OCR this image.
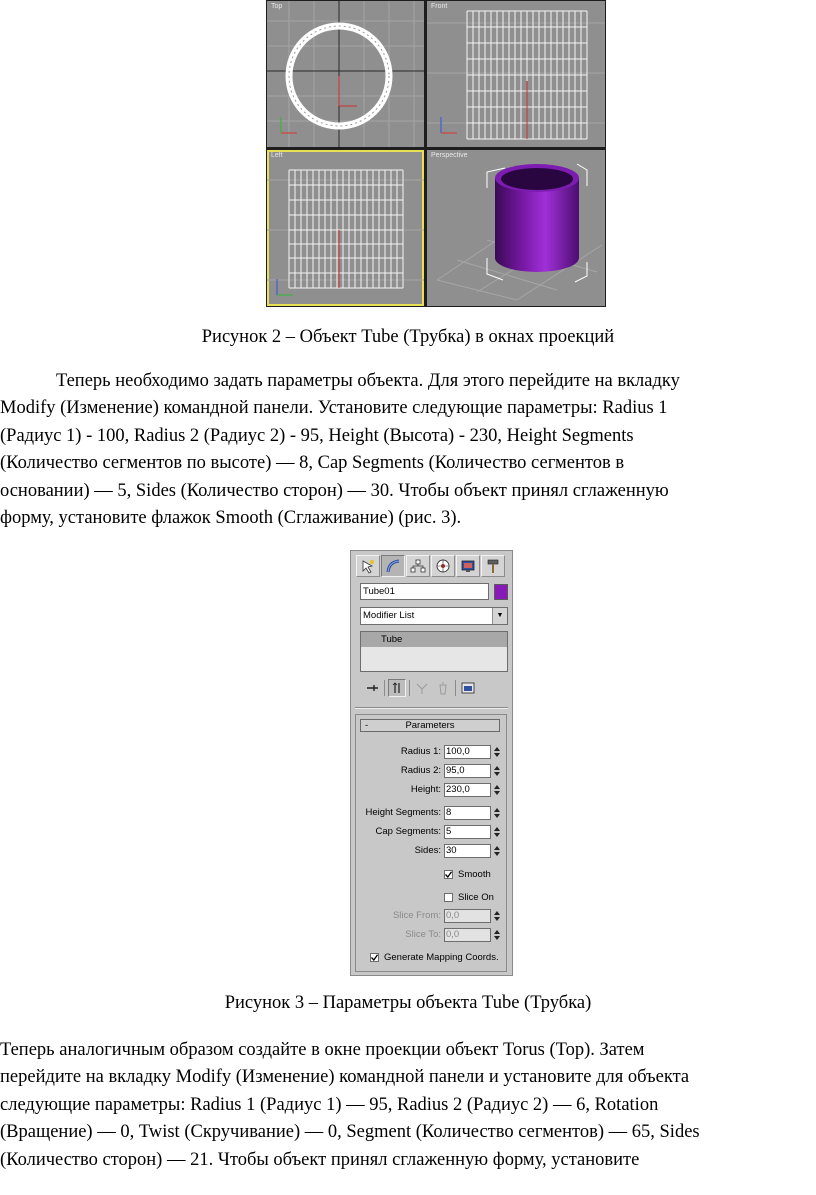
Top	Front
Left	Perspective
Рисунок 2 – Объект Tube (Трубка) в окнах проекций
Теперь необходимо задать параметры объекта. Для этого перейдите на вкладку
Modify (Изменение) командной панели. Установите следующие параметры: Radius 1
(Радиус 1) - 100, Radius 2 (Радиус 2) - 95, Height (Высота) - 230, Height Segments
(Количество сегментов по высоте) — 8, Cap Segments (Количество сегментов в
основании) — 5, Sides (Количество сторон) — 30. Чтобы объект принял сглаженную
форму, установите флажок Smooth (Сглаживание) (рис. 3).
Tube01
Modifier List	▼
Tube
-	Parameters
Radius 1: 100,0
Radius 2: 95,0
Height: 230,0
Height Segments: 8
Cap Segments: 5
Sides: 30
Smooth
Slice On
Slice From: 0,0
Slice To: 0,0
Generate Mapping Coords.
Рисунок 3 – Параметры объекта Tube (Трубка)
Теперь аналогичным образом создайте в окне проекции объект Torus (Тор). Затем
перейдите на вкладку Modify (Изменение) командной панели и установите для объекта
следующие параметры: Radius 1 (Радиус 1) — 95, Radius 2 (Радиус 2) — 6, Rotation
(Вращение) — 0, Twist (Скручивание) — 0, Segment (Количество сегментов) — 65, Sides
(Количество сторон) — 21. Чтобы объект принял сглаженную форму, установите
